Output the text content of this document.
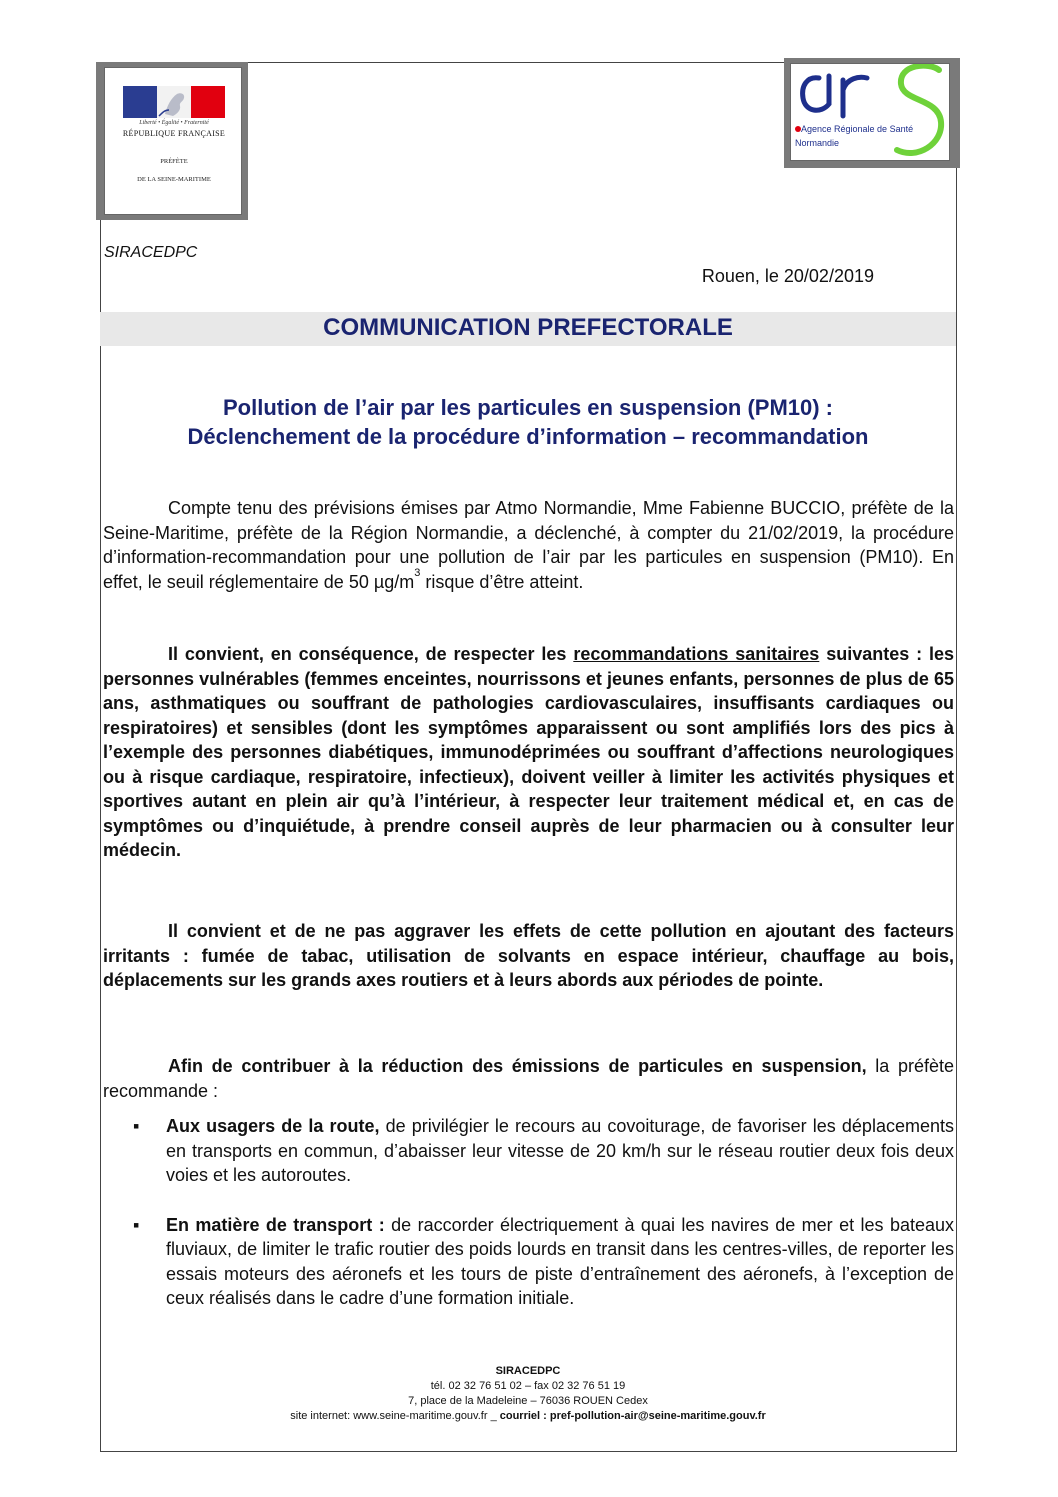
Liberté • Égalité • Fraternité
RÉPUBLIQUE FRANÇAISE
PRÉFÈTE
DE LA SEINE-MARITIME
Agence Régionale de Santé
Normandie
SIRACEDPC
Rouen, le 20/02/2019
COMMUNICATION PREFECTORALE
Pollution de l’air par les particules en suspension (PM10) :
Déclenchement de la procédure d’information – recommandation
Compte tenu des prévisions émises par Atmo Normandie, Mme Fabienne BUCCIO, préfète de la Seine-Maritime, préfète de la Région Normandie, a déclenché, à compter du 21/02/2019, la procédure d’information-recommandation pour une pollution de l’air par les particules en suspension (PM10). En effet, le seuil réglementaire de 50 $\mu g/m^3$ risque d’être atteint.
Il convient, en conséquence, de respecter les recommandations sanitaires suivantes : les personnes vulnérables (femmes enceintes, nourrissons et jeunes enfants, personnes de plus de 65 ans, asthmatiques ou souffrant de pathologies cardiovasculaires, insuffisants cardiaques ou respiratoires) et sensibles (dont les symptômes apparaissent ou sont amplifiés lors des pics à l’exemple des personnes diabétiques, immunodéprimées ou souffrant d’affections neurologiques ou à risque cardiaque, respiratoire, infectieux), doivent veiller à limiter les activités physiques et sportives autant en plein air qu’à l’intérieur, à respecter leur traitement médical et, en cas de symptômes ou d’inquiétude, à prendre conseil auprès de leur pharmacien ou à consulter leur médecin.
Il convient et de ne pas aggraver les effets de cette pollution en ajoutant des facteurs irritants : fumée de tabac, utilisation de solvants en espace intérieur, chauffage au bois, déplacements sur les grands axes routiers et à leurs abords aux périodes de pointe.
Afin de contribuer à la réduction des émissions de particules en suspension, la préfète recommande :
▪ Aux usagers de la route, de privilégier le recours au covoiturage, de favoriser les déplacements en transports en commun, d’abaisser leur vitesse de 20 km/h sur le réseau routier deux fois deux voies et les autoroutes.
▪ En matière de transport : de raccorder électriquement à quai les navires de mer et les bateaux fluviaux, de limiter le trafic routier des poids lourds en transit dans les centres-villes, de reporter les essais moteurs des aéronefs et les tours de piste d’entraînement des aéronefs, à l’exception de ceux réalisés dans le cadre d’une formation initiale.
SIRACEDPC
tél. 02 32 76 51 02 – fax 02 32 76 51 19
7, place de la Madeleine – 76036 ROUEN Cedex
site internet: www.seine-maritime.gouv.fr _ courriel : pref-pollution-air@seine-maritime.gouv.fr
